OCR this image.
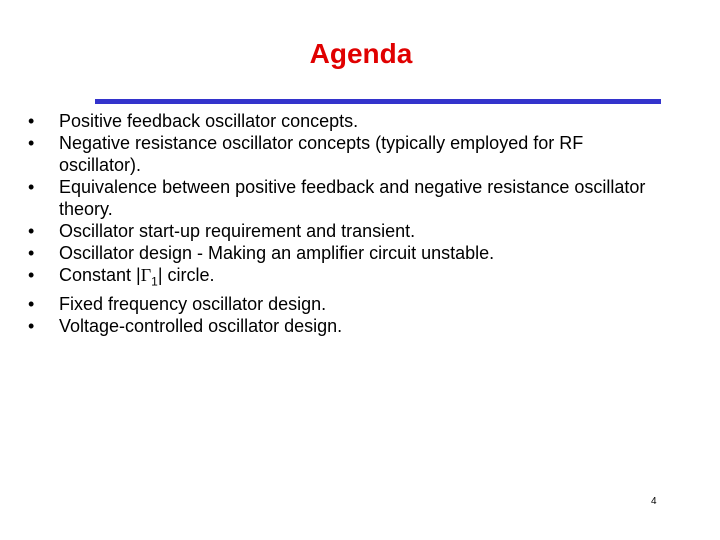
Agenda
• Positive feedback oscillator concepts.
• Negative resistance oscillator concepts (typically employed for RF oscillator).
• Equivalence between positive feedback and negative resistance oscillator theory.
• Oscillator start-up requirement and transient.
• Oscillator design - Making an amplifier circuit unstable.
• Constant $|\Gamma_1|$ circle.
• Fixed frequency oscillator design.
• Voltage-controlled oscillator design.
4
